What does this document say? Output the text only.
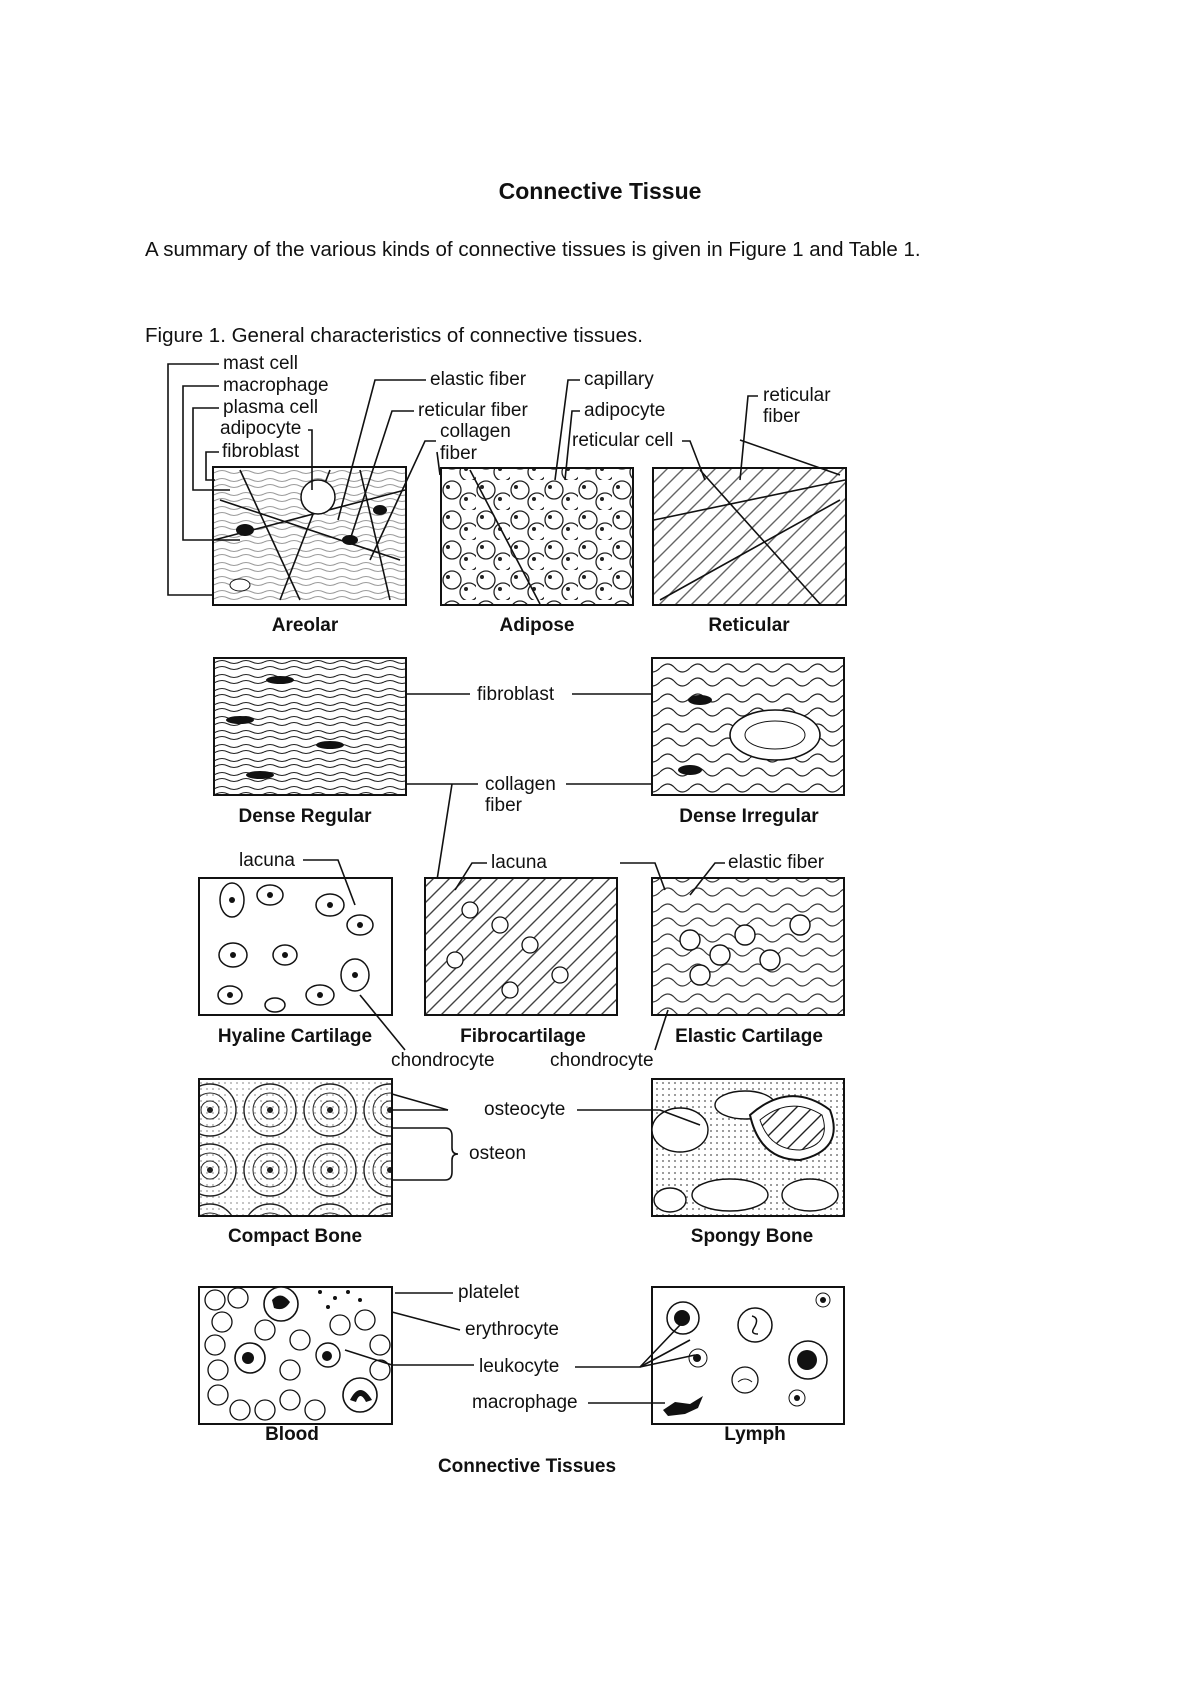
Connective Tissue
A summary of the various kinds of connective tissues is given in Figure 1 and Table 1.
Figure 1. General characteristics of connective tissues.
Areolar	Adipose	Reticular
mast cell
macrophage
plasma cell
adipocyte
fibroblast
elastic fiber
reticular fiber
collagen
fiber
capillary
adipocyte
reticular cell
reticular
fiber
Dense Regular	Dense Irregular
fibroblast
collagen
fiber
Hyaline Cartilage	Fibrocartilage	Elastic Cartilage
lacuna	lacuna	elastic fiber
chondrocyte	chondrocyte
Compact Bone	Spongy Bone
osteocyte
osteon
Blood	Lymph
platelet
erythrocyte
leukocyte
macrophage
Connective Tissues
